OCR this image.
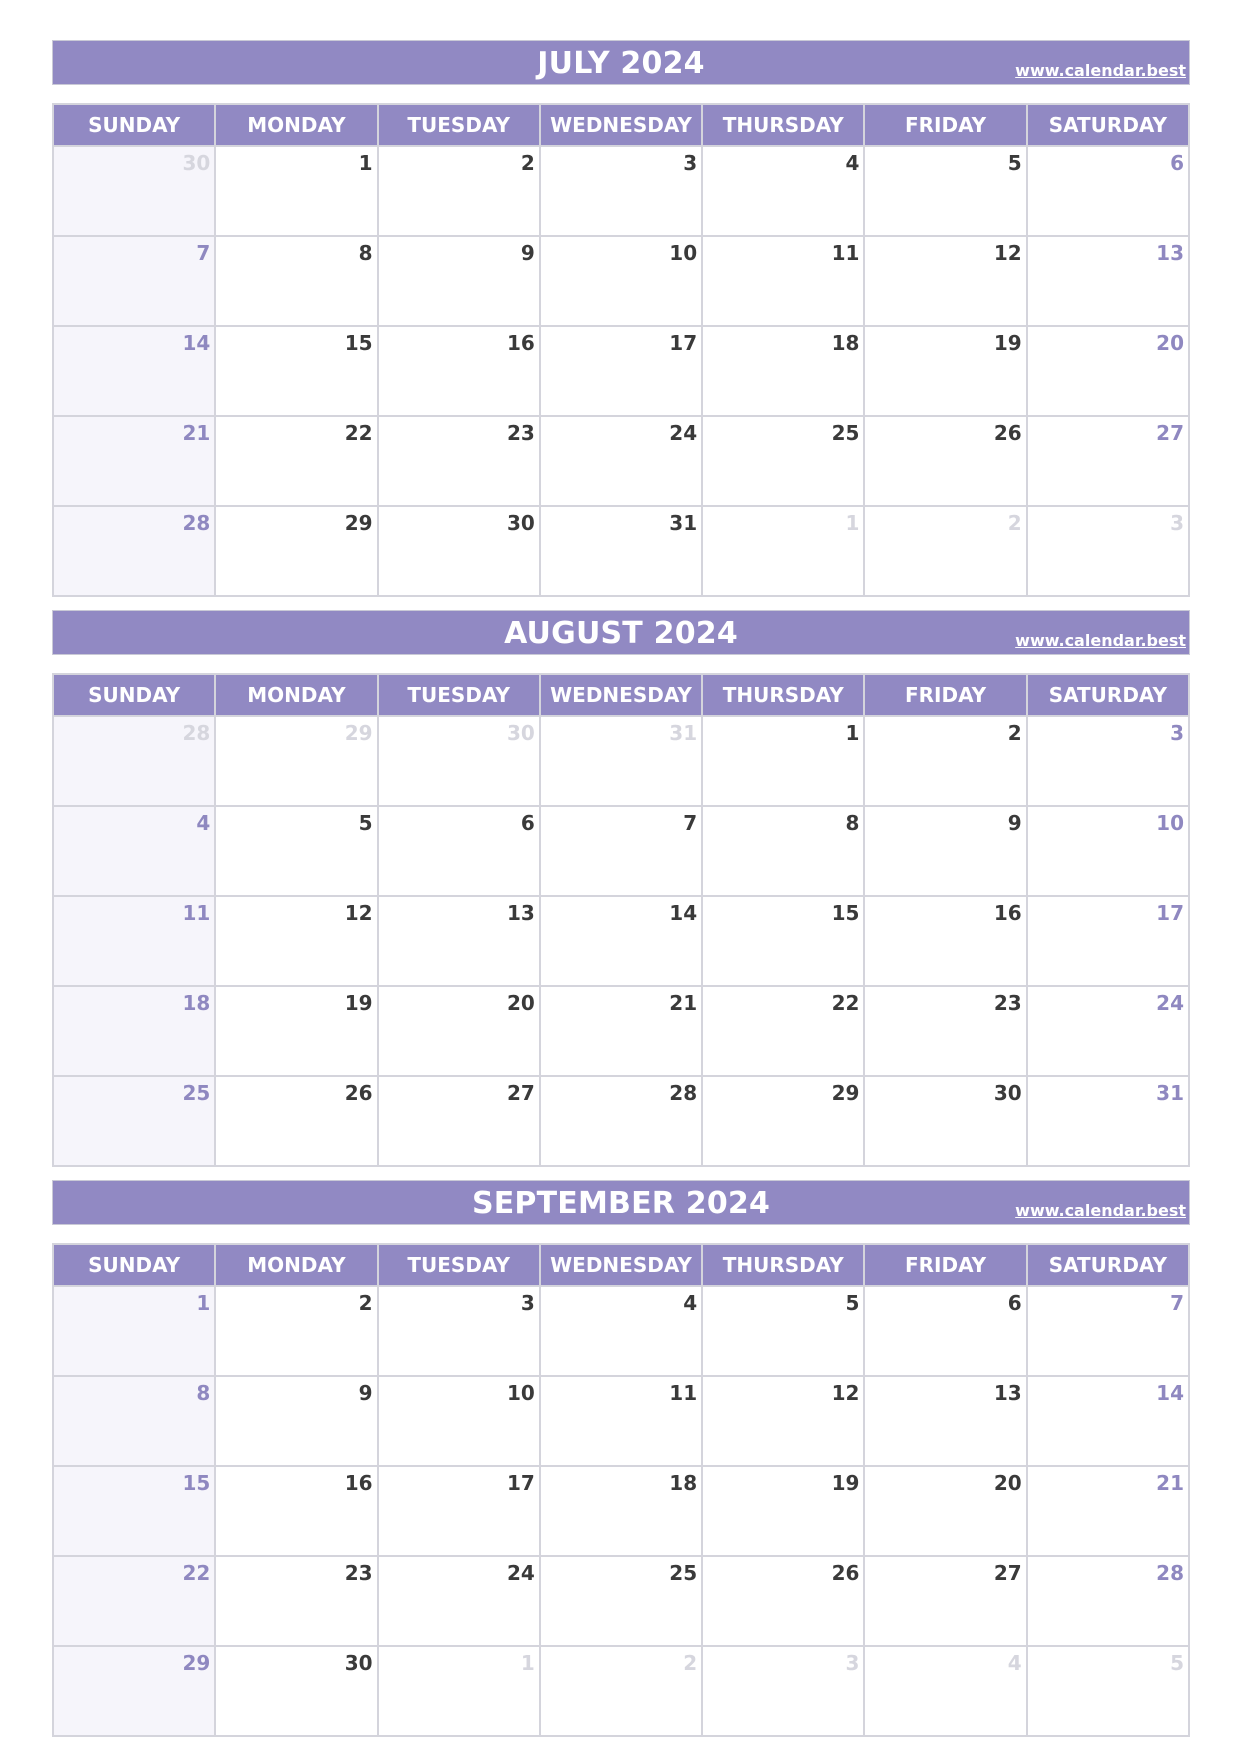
JULY 2024	www.calendar.best
SUNDAY	MONDAY	TUESDAY	WEDNESDAY	THURSDAY	FRIDAY	SATURDAY
30	1	2	3	4	5	6
7	8	9	10	11	12	13
14	15	16	17	18	19	20
21	22	23	24	25	26	27
28	29	30	31	1	2	3
AUGUST 2024	www.calendar.best
SUNDAY	MONDAY	TUESDAY	WEDNESDAY	THURSDAY	FRIDAY	SATURDAY
28	29	30	31	1	2	3
4	5	6	7	8	9	10
11	12	13	14	15	16	17
18	19	20	21	22	23	24
25	26	27	28	29	30	31
SEPTEMBER 2024	www.calendar.best
SUNDAY	MONDAY	TUESDAY	WEDNESDAY	THURSDAY	FRIDAY	SATURDAY
1	2	3	4	5	6	7
8	9	10	11	12	13	14
15	16	17	18	19	20	21
22	23	24	25	26	27	28
29	30	1	2	3	4	5
